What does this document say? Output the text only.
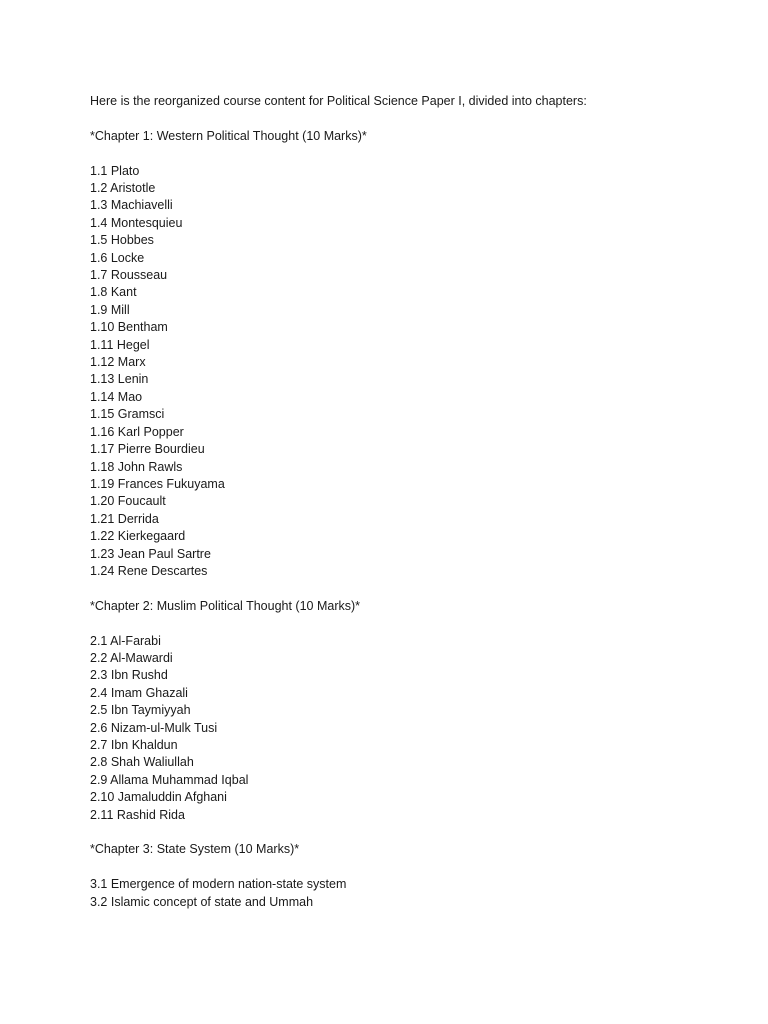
Here is the reorganized course content for Political Science Paper I, divided into chapters:

*Chapter 1: Western Political Thought (10 Marks)*

1.1 Plato
1.2 Aristotle
1.3 Machiavelli
1.4 Montesquieu
1.5 Hobbes
1.6 Locke
1.7 Rousseau
1.8 Kant
1.9 Mill
1.10 Bentham
1.11 Hegel
1.12 Marx
1.13 Lenin
1.14 Mao
1.15 Gramsci
1.16 Karl Popper
1.17 Pierre Bourdieu
1.18 John Rawls
1.19 Frances Fukuyama
1.20 Foucault
1.21 Derrida
1.22 Kierkegaard
1.23 Jean Paul Sartre
1.24 Rene Descartes

*Chapter 2: Muslim Political Thought (10 Marks)*

2.1 Al-Farabi
2.2 Al-Mawardi
2.3 Ibn Rushd
2.4 Imam Ghazali
2.5 Ibn Taymiyyah
2.6 Nizam-ul-Mulk Tusi
2.7 Ibn Khaldun
2.8 Shah Waliullah
2.9 Allama Muhammad Iqbal
2.10 Jamaluddin Afghani
2.11 Rashid Rida

*Chapter 3: State System (10 Marks)*

3.1 Emergence of modern nation-state system
3.2 Islamic concept of state and Ummah
